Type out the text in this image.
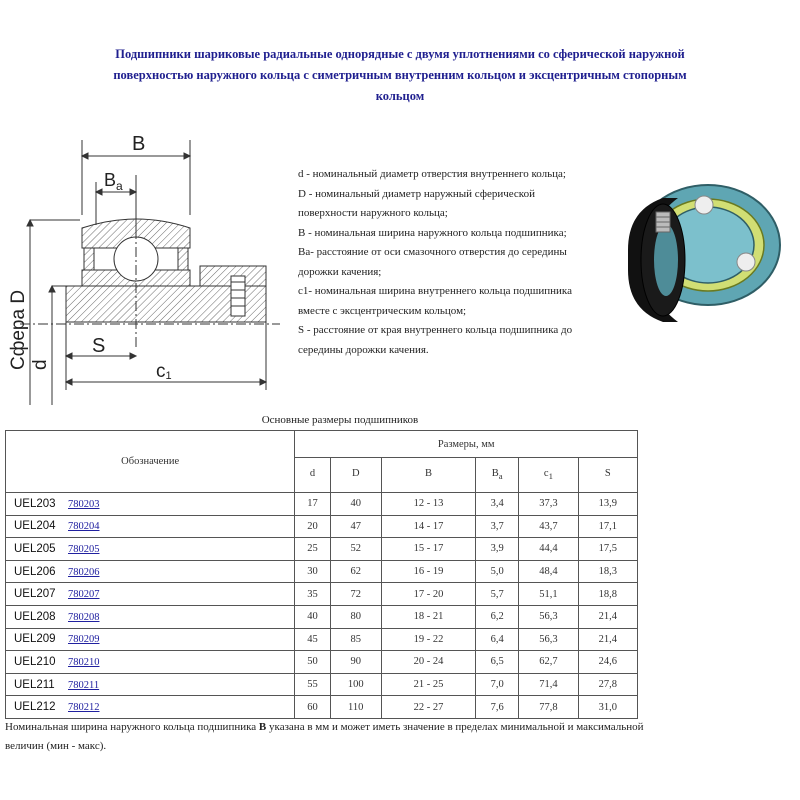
Подшипники шариковые радиальные однорядные с двумя уплотнениями со сферической наружной
поверхностью наружного кольца с симетричным внутренним кольцом и эксцентричным стопорным
кольцом
B
$B_a$
Сфера D d
S
c1
d - номинальный диаметр отверстия внутреннего кольца;
D - номинальный диаметр наружный сферической
поверхности наружного кольца;
B - номинальная ширина наружного кольца подшипника;
Ba- расстояние от оси смазочного отверстия до середины
дорожки качения;
c1- номинальная ширина внутреннего кольца подшипника
вместе с эксцентрическим кольцом;
S - расстояние от края внутреннего кольца подшипника до
середины дорожки качения.
Основные размеры подшипников
Обозначение	Размеры, мм					
	d	D	B	$B_a$	$c_1$	S
UEL203 780203	17	40	12 - 13	3,4	37,3	13,9
UEL204 780204	20	47	14 - 17	3,7	43,7	17,1
UEL205 780205	25	52	15 - 17	3,9	44,4	17,5
UEL206 780206	30	62	16 - 19	5,0	48,4	18,3
UEL207 780207	35	72	17 - 20	5,7	51,1	18,8
UEL208 780208	40	80	18 - 21	6,2	56,3	21,4
UEL209 780209	45	85	19 - 22	6,4	56,3	21,4
UEL210 780210	50	90	20 - 24	6,5	62,7	24,6
UEL211 780211	55	100	21 - 25	7,0	71,4	27,8
UEL212 780212	60	110	22 - 27	7,6	77,8	31,0
Номинальная ширина наружного кольца подшипника B указана в мм и может иметь значение в пределах минимальной и максимальной величин (мин - макс).
